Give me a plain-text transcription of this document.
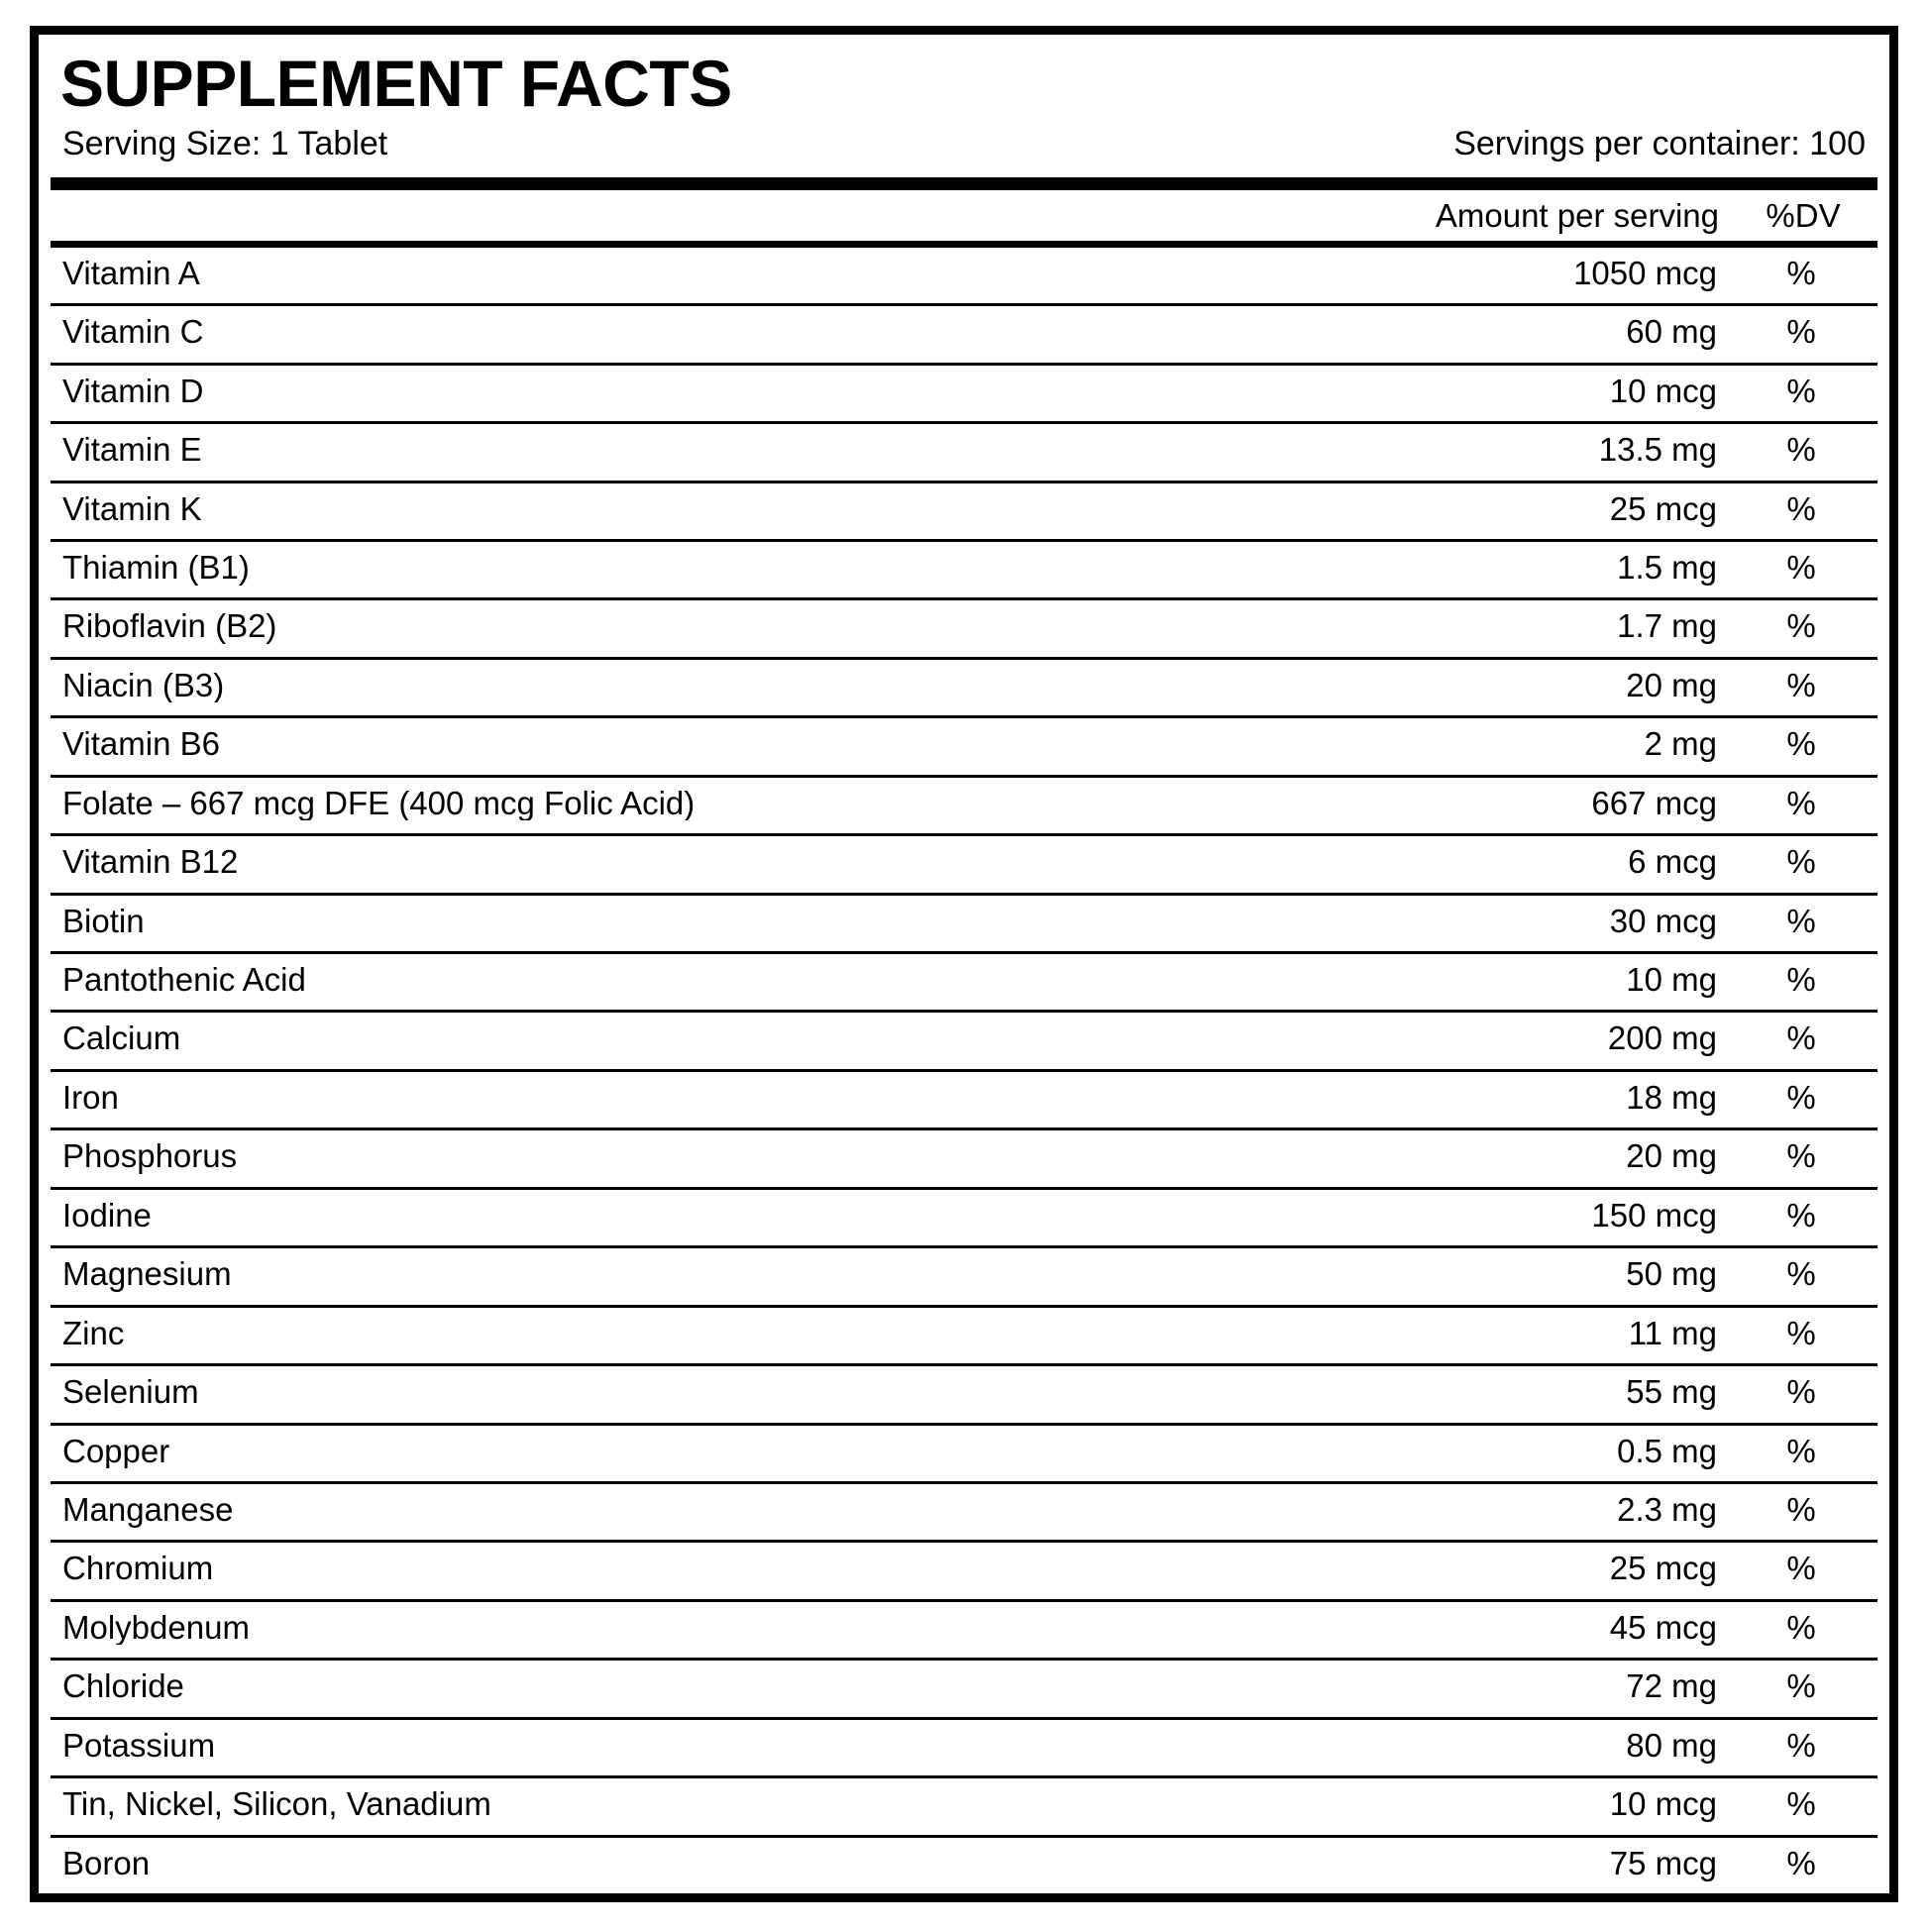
SUPPLEMENT FACTS
Serving Size: 1 Tablet	Servings per container: 100
Amount per serving	%DV
Vitamin A	1050 mcg	%
Vitamin C	60 mg	%
Vitamin D	10 mcg	%
Vitamin E	13.5 mg	%
Vitamin K	25 mcg	%
Thiamin (B1)	1.5 mg	%
Riboflavin (B2)	1.7 mg	%
Niacin (B3)	20 mg	%
Vitamin B6	2 mg	%
Folate – 667 mcg DFE (400 mcg Folic Acid)	667 mcg	%
Vitamin B12	6 mcg	%
Biotin	30 mcg	%
Pantothenic Acid	10 mg	%
Calcium	200 mg	%
Iron	18 mg	%
Phosphorus	20 mg	%
Iodine	150 mcg	%
Magnesium	50 mg	%
Zinc	11 mg	%
Selenium	55 mg	%
Copper	0.5 mg	%
Manganese	2.3 mg	%
Chromium	25 mcg	%
Molybdenum	45 mcg	%
Chloride	72 mg	%
Potassium	80 mg	%
Tin, Nickel, Silicon, Vanadium	10 mcg	%
Boron	75 mcg	%
